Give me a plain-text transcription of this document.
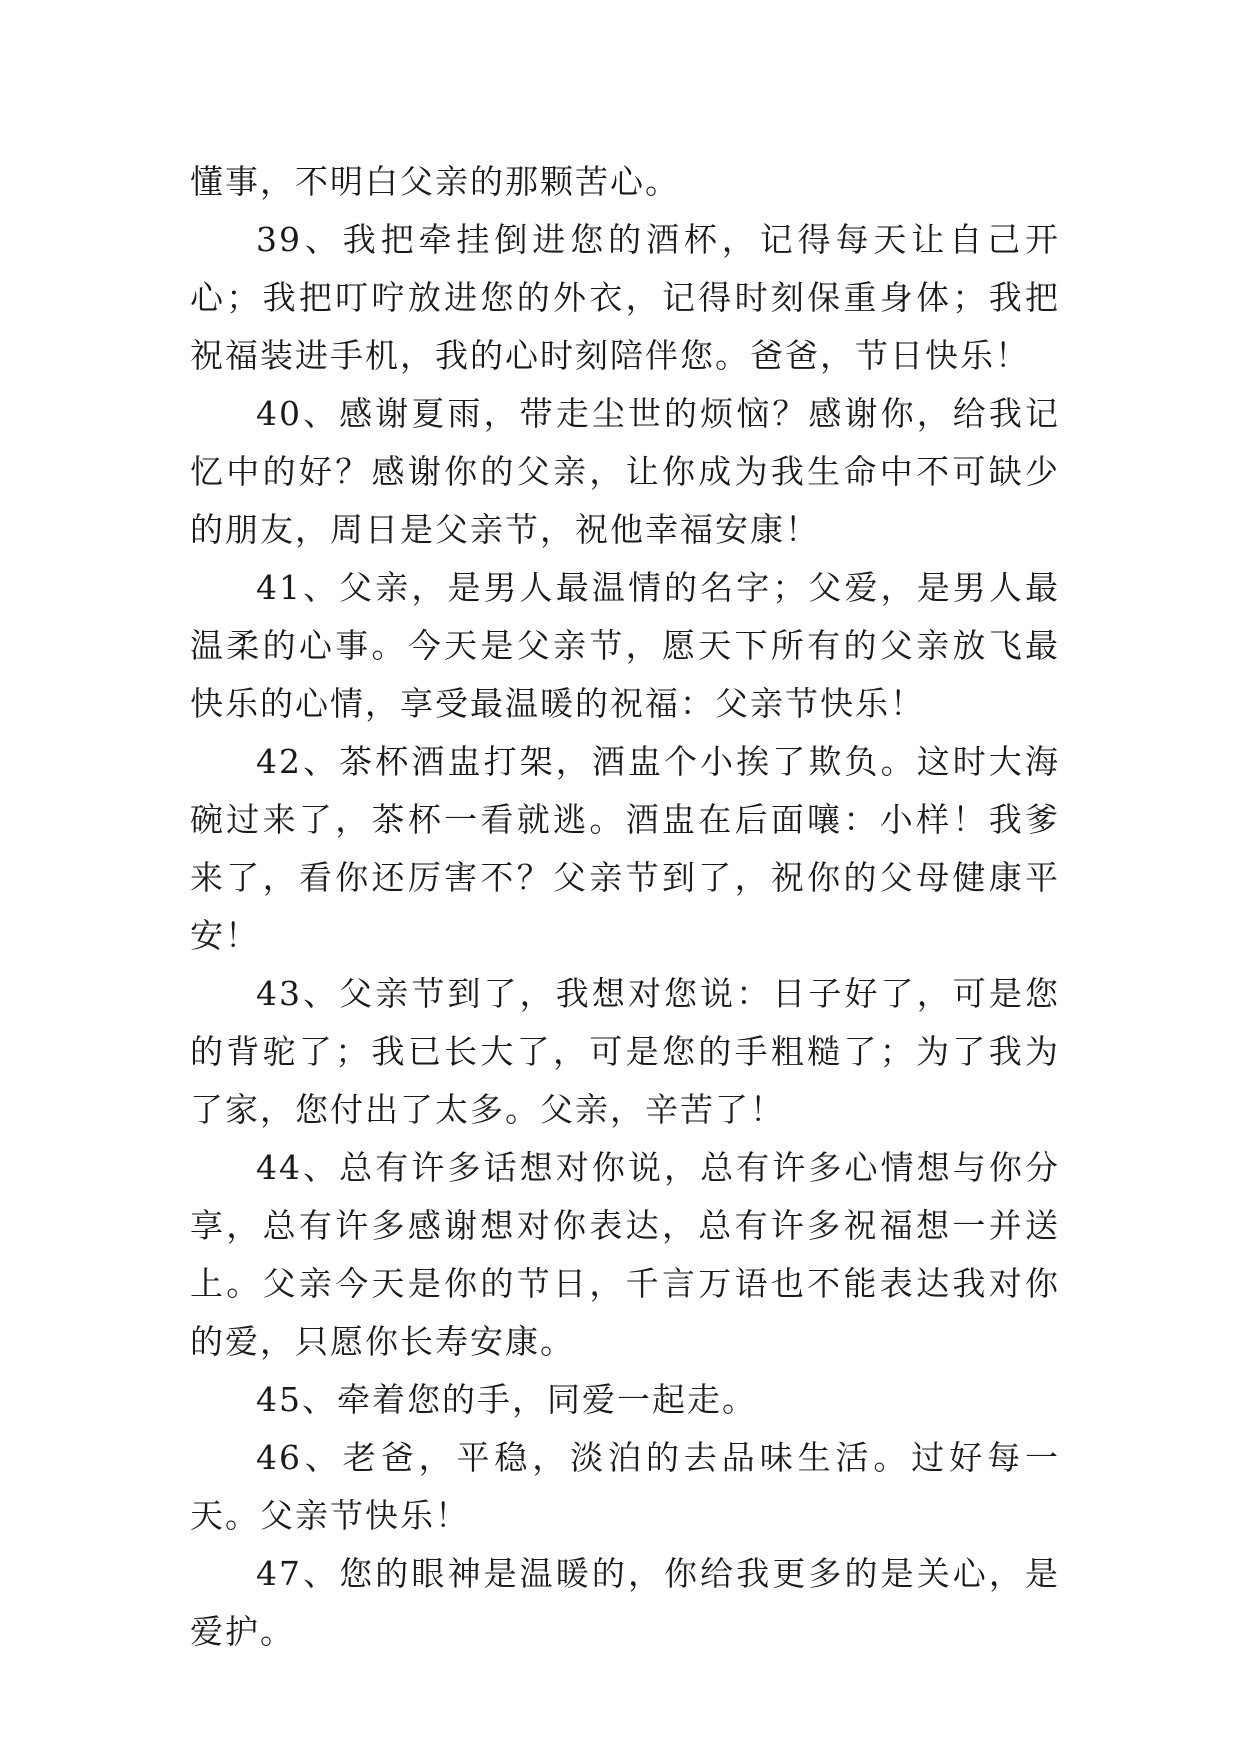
懂事，不明白父亲的那颗苦心。

39、我把牵挂倒进您的酒杯，记得每天让自己开心；我把叮咛放进您的外衣，记得时刻保重身体；我把祝福装进手机，我的心时刻陪伴您。爸爸，节日快乐！

40、感谢夏雨，带走尘世的烦恼？感谢你，给我记忆中的好？感谢你的父亲，让你成为我生命中不可缺少的朋友，周日是父亲节，祝他幸福安康！

41、父亲，是男人最温情的名字；父爱，是男人最温柔的心事。今天是父亲节，愿天下所有的父亲放飞最快乐的心情，享受最温暖的祝福：父亲节快乐！

42、茶杯酒盅打架，酒盅个小挨了欺负。这时大海碗过来了，茶杯一看就逃。酒盅在后面嚷：小样！我爹来了，看你还厉害不？父亲节到了，祝你的父母健康平安！

43、父亲节到了，我想对您说：日子好了，可是您的背驼了；我已长大了，可是您的手粗糙了；为了我为了家，您付出了太多。父亲，辛苦了！

44、总有许多话想对你说，总有许多心情想与你分享，总有许多感谢想对你表达，总有许多祝福想一并送上。父亲今天是你的节日，千言万语也不能表达我对你的爱，只愿你长寿安康。

45、牵着您的手，同爱一起走。

46、老爸，平稳，淡泊的去品味生活。过好每一天。父亲节快乐！

47、您的眼神是温暖的，你给我更多的是关心，是爱护。
